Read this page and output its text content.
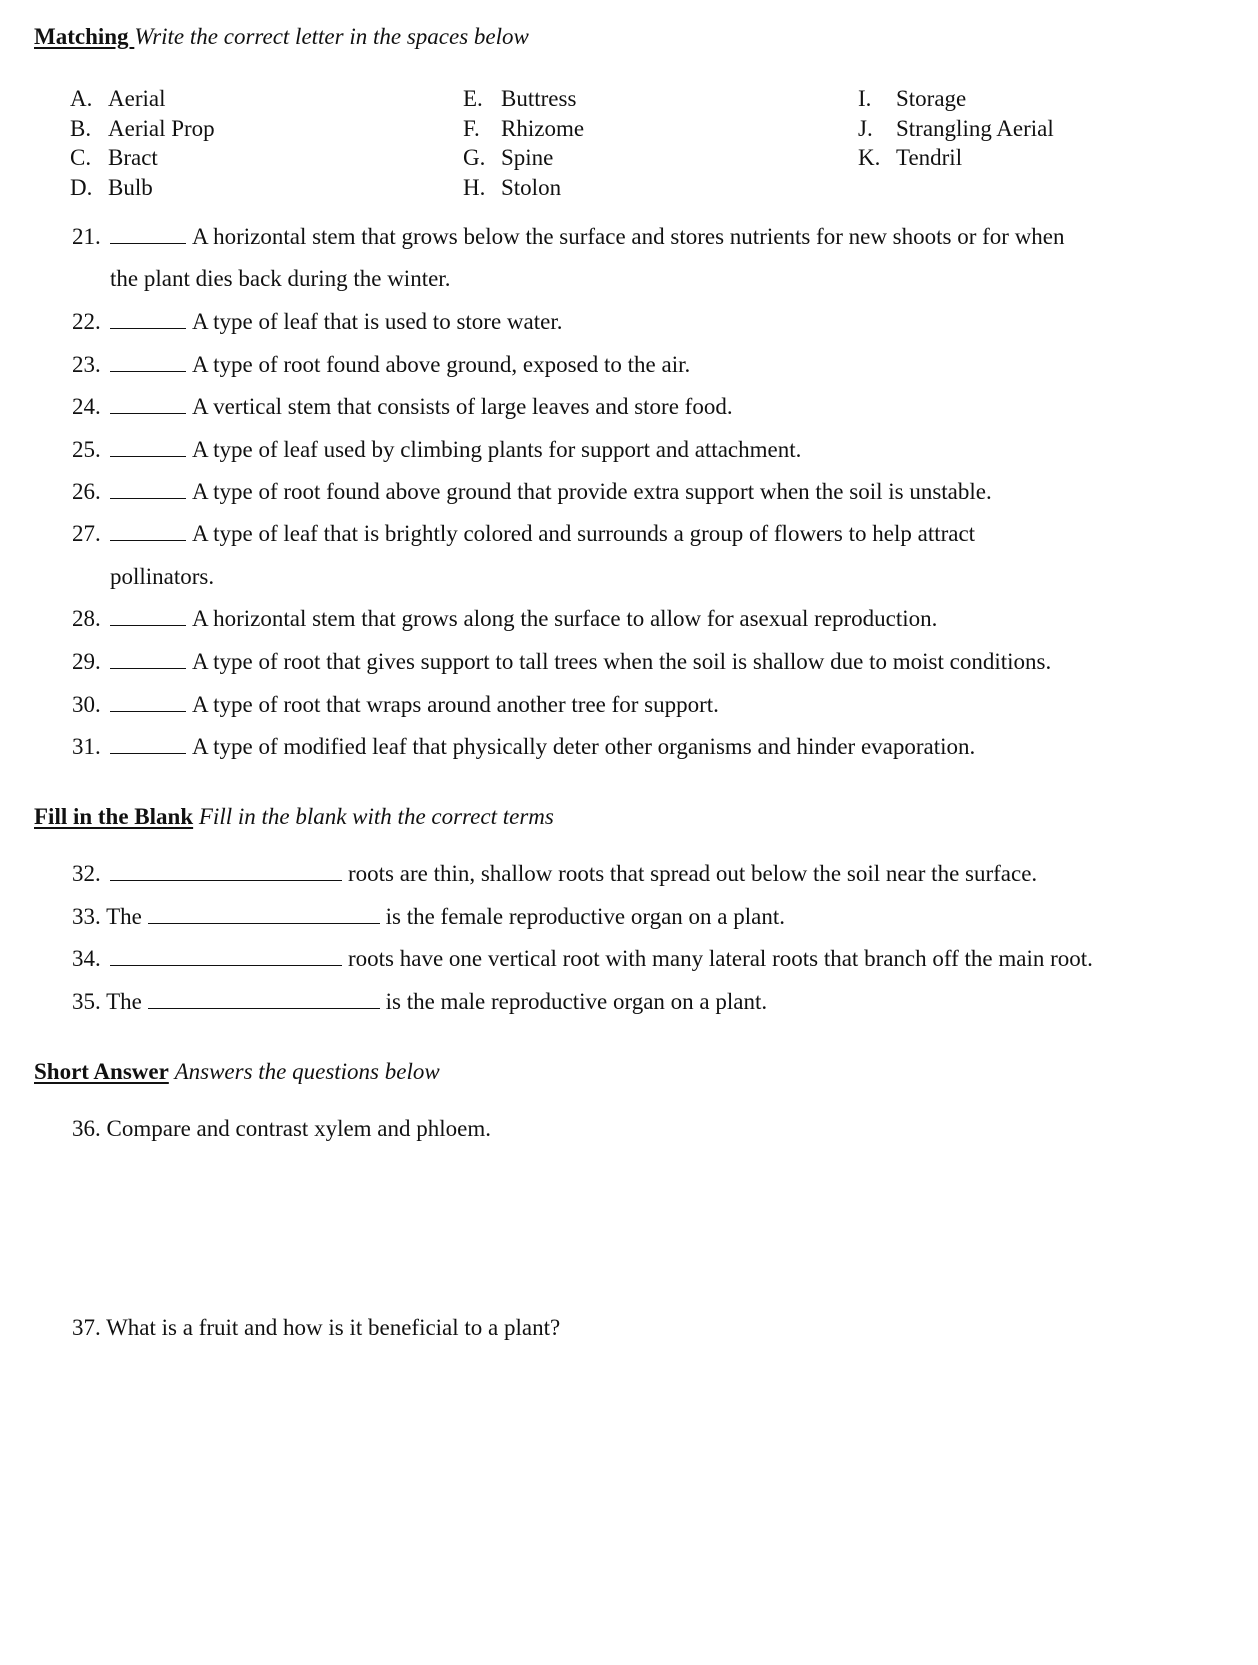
Matching Write the correct letter in the spaces below
A. Aerial
B. Aerial Prop
C. Bract
D. Bulb
E. Buttress
F. Rhizome
G. Spine
H. Stolon
I. Storage
J. Strangling Aerial
K. Tendril
21.	A horizontal stem that grows below the surface and stores nutrients for new shoots or for when
the plant dies back during the winter.
22.	A type of leaf that is used to store water.
23.	A type of root found above ground, exposed to the air.
24.	A vertical stem that consists of large leaves and store food.
25.	A type of leaf used by climbing plants for support and attachment.
26.	A type of root found above ground that provide extra support when the soil is unstable.
27.	A type of leaf that is brightly colored and surrounds a group of flowers to help attract
pollinators.
28.	A horizontal stem that grows along the surface to allow for asexual reproduction.
29.	A type of root that gives support to tall trees when the soil is shallow due to moist conditions.
30.	A type of root that wraps around another tree for support.
31.	A type of modified leaf that physically deter other organisms and hinder evaporation.
Fill in the Blank Fill in the blank with the correct terms
32.	roots are thin, shallow roots that spread out below the soil near the surface.
33. The	is the female reproductive organ on a plant.
34.	roots have one vertical root with many lateral roots that branch off the main root.
35. The	is the male reproductive organ on a plant.
Short Answer Answers the questions below
36. Compare and contrast xylem and phloem.
37. What is a fruit and how is it beneficial to a plant?
